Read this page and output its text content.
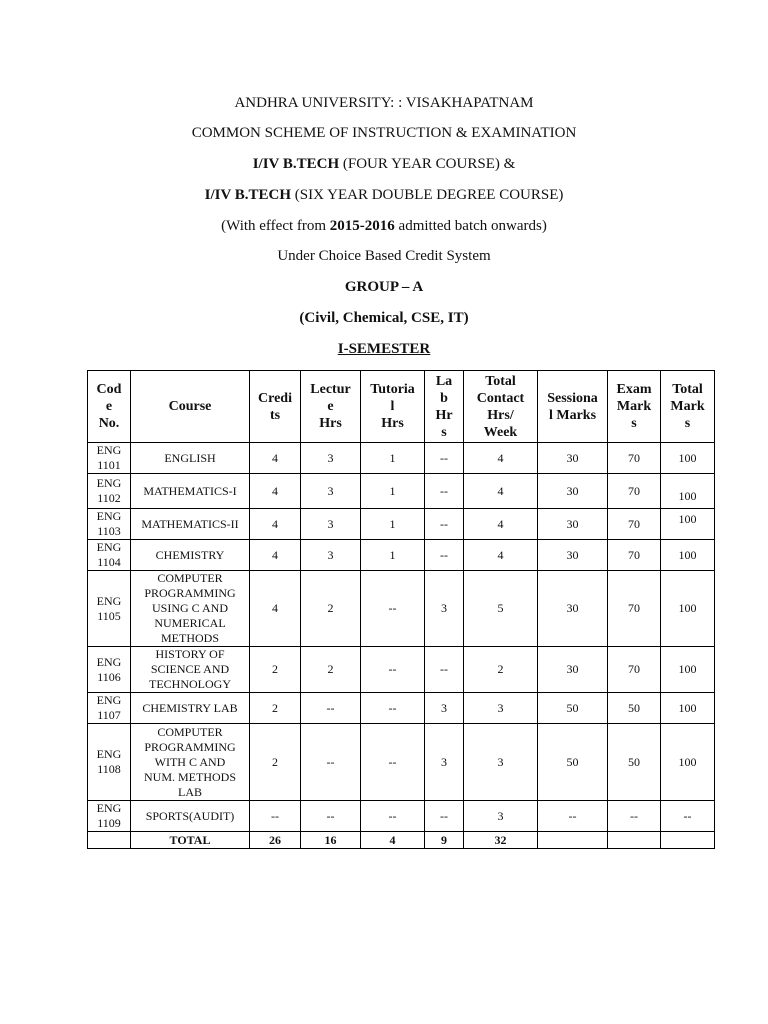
ANDHRA UNIVERSITY: : VISAKHAPATNAM
COMMON SCHEME OF INSTRUCTION & EXAMINATION
I/IV B.TECH (FOUR YEAR COURSE) &
I/IV B.TECH (SIX YEAR DOUBLE DEGREE COURSE)
(With effect from 2015-2016 admitted batch onwards)
Under Choice Based Credit System
GROUP – A
(Civil, Chemical, CSE, IT)
I-SEMESTER
Cod
e
No.	Course	Credi
ts	Lectur
e
Hrs	Tutoria
l
Hrs	La
b
Hr
s	Total
Contact
Hrs/
Week	Sessiona
l Marks	Exam
Mark
s	Total
Mark
s
ENG
1101	ENGLISH	4	3	1	--	4	30	70	100
ENG
1102	MATHEMATICS-I	4	3	1	--	4	30	70	100
ENG
1103	MATHEMATICS-II	4	3	1	--	4	30	70	100
ENG
1104	CHEMISTRY	4	3	1	--	4	30	70	100
ENG
1105	COMPUTER
PROGRAMMING
USING C AND
NUMERICAL
METHODS	4	2	--	3	5	30	70	100
ENG
1106	HISTORY OF
SCIENCE AND
TECHNOLOGY	2	2	--	--	2	30	70	100
ENG
1107	CHEMISTRY LAB	2	--	--	3	3	50	50	100
ENG
1108	COMPUTER
PROGRAMMING
WITH C AND
NUM. METHODS
LAB	2	--	--	3	3	50	50	100
ENG
1109	SPORTS(AUDIT)	--	--	--	--	3	--	--	--
	TOTAL	26	16	4	9	32			
